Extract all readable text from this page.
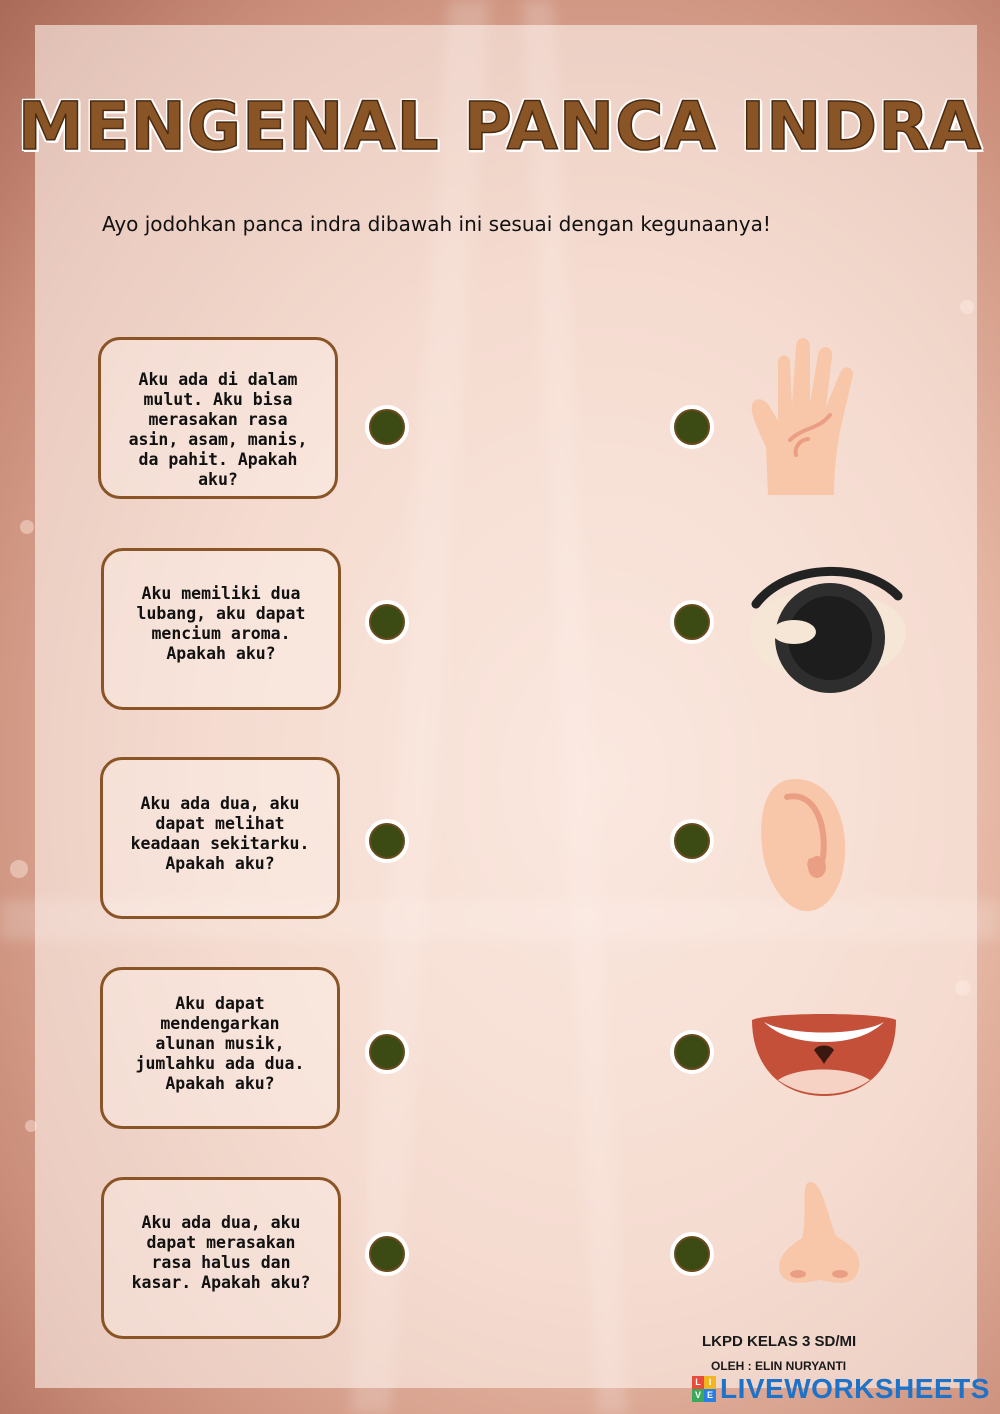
MENGENAL PANCA INDRA
Ayo jodohkan panca indra dibawah ini sesuai dengan kegunaanya!
Aku ada di dalam
mulut. Aku bisa
merasakan rasa
asin, asam, manis,
da pahit. Apakah
aku?
Aku memiliki dua
lubang, aku dapat
mencium aroma.
Apakah aku?
Aku ada dua, aku
dapat melihat
keadaan sekitarku.
Apakah aku?
Aku dapat
mendengarkan
alunan musik,
jumlahku ada dua.
Apakah aku?
Aku ada dua, aku
dapat merasakan
rasa halus dan
kasar. Apakah aku?
LKPD KELAS 3 SD/MI
OLEH : ELIN NURYANTI
L I
V E LIVEWORKSHEETS
